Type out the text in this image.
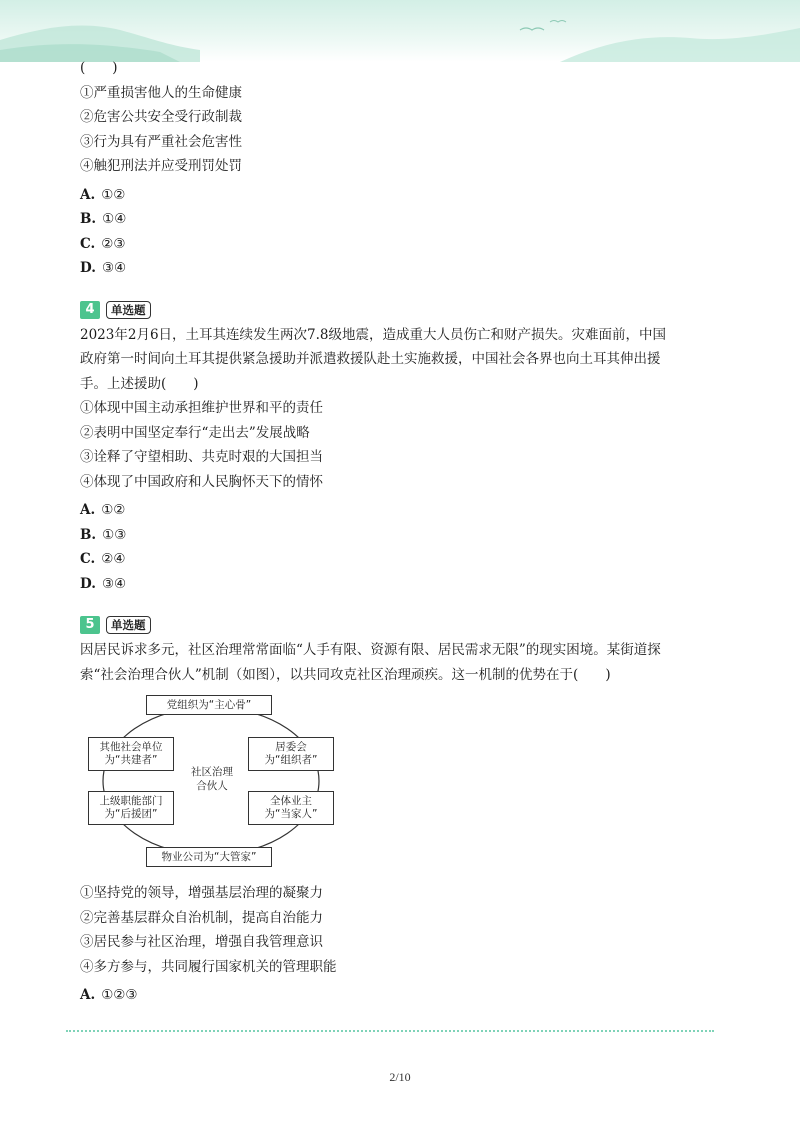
(　　)
①严重损害他人的生命健康
②危害公共安全受行政制裁
③行为具有严重社会危害性
④触犯刑法并应受刑罚处罚
A. ①②
B. ①④
C. ②③
D. ③④
4	单选题
2023年2月6日，土耳其连续发生两次7.8级地震，造成重大人员伤亡和财产损失。灾难面前，中国
政府第一时间向土耳其提供紧急援助并派遣救援队赴土实施救援，中国社会各界也向土耳其伸出援
手。上述援助(　　)
①体现中国主动承担维护世界和平的责任
②表明中国坚定奉行“走出去”发展战略
③诠释了守望相助、共克时艰的大国担当
④体现了中国政府和人民胸怀天下的情怀
A. ①②
B. ①③
C. ②④
D. ③④
5	单选题
因居民诉求多元，社区治理常常面临“人手有限、资源有限、居民需求无限”的现实困境。某街道探
索“社会治理合伙人”机制（如图），以共同攻克社区治理顽疾。这一机制的优势在于(　　)
党组织为“主心骨”
其他社会单位
为“共建者”
居委会
为“组织者”
社区治理
合伙人
上级职能部门
为“后援团”
全体业主
为“当家人”
物业公司为“大管家”
①坚持党的领导，增强基层治理的凝聚力
②完善基层群众自治机制，提高自治能力
③居民参与社区治理，增强自我管理意识
④多方参与，共同履行国家机关的管理职能
A. ①②③
2/10
